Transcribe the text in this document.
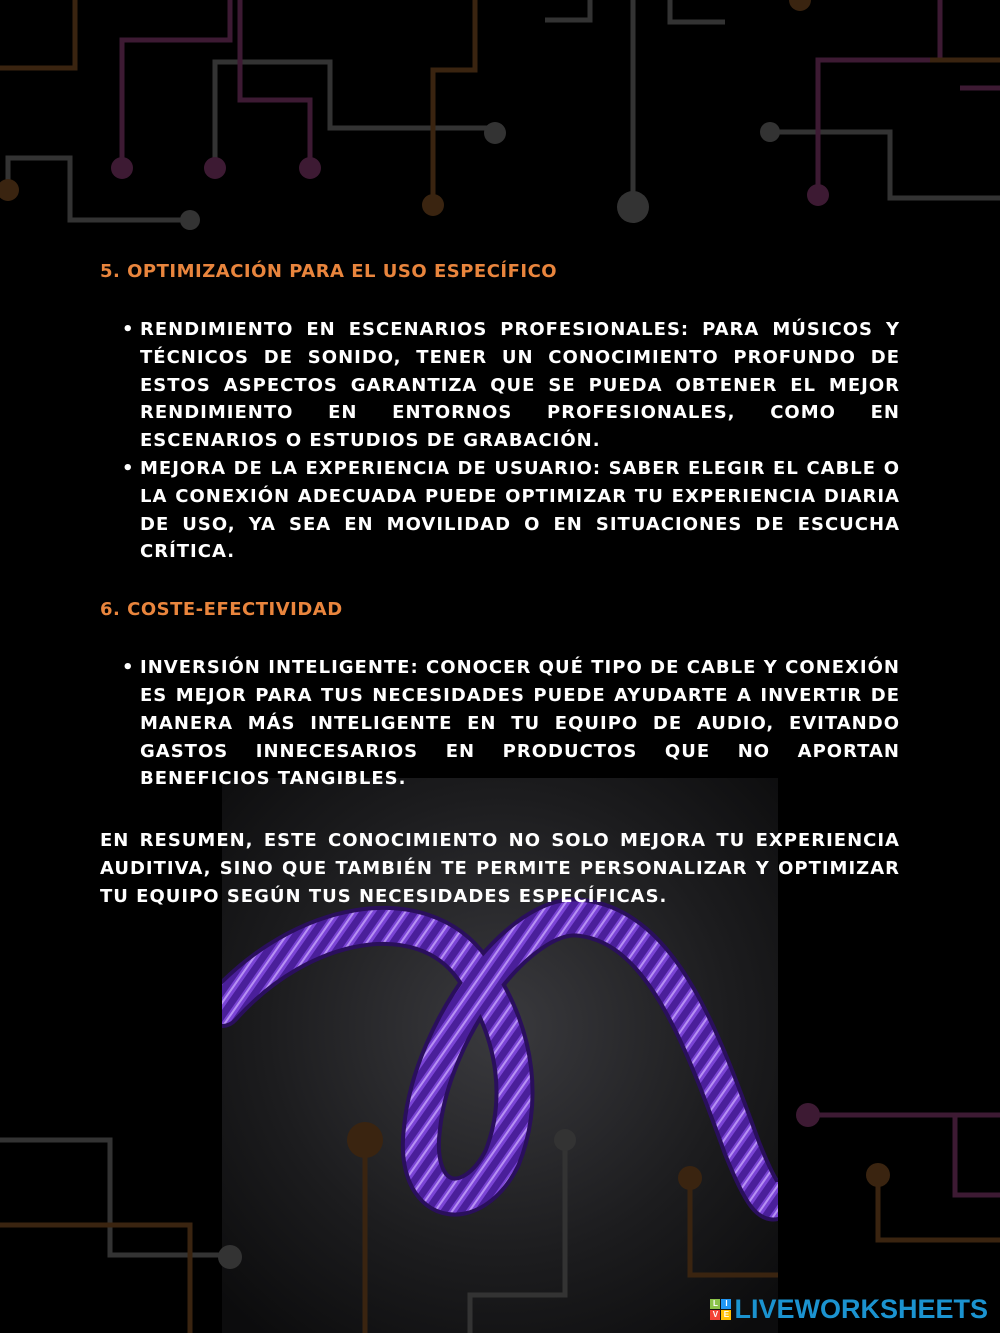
5. OPTIMIZACIÓN PARA EL USO ESPECÍFICO
• RENDIMIENTO EN ESCENARIOS PROFESIONALES: PARA MÚSICOS Y TÉCNICOS DE SONIDO, TENER UN CONOCIMIENTO PROFUNDO DE ESTOS ASPECTOS GARANTIZA QUE SE PUEDA OBTENER EL MEJOR RENDIMIENTO EN ENTORNOS PROFESIONALES, COMO EN ESCENARIOS O ESTUDIOS DE GRABACIÓN.
• MEJORA DE LA EXPERIENCIA DE USUARIO: SABER ELEGIR EL CABLE O LA CONEXIÓN ADECUADA PUEDE OPTIMIZAR TU EXPERIENCIA DIARIA DE USO, YA SEA EN MOVILIDAD O EN SITUACIONES DE ESCUCHA CRÍTICA.
6. COSTE-EFECTIVIDAD
• INVERSIÓN INTELIGENTE: CONOCER QUÉ TIPO DE CABLE Y CONEXIÓN ES MEJOR PARA TUS NECESIDADES PUEDE AYUDARTE A INVERTIR DE MANERA MÁS INTELIGENTE EN TU EQUIPO DE AUDIO, EVITANDO GASTOS INNECESARIOS EN PRODUCTOS QUE NO APORTAN BENEFICIOS TANGIBLES.

EN RESUMEN, ESTE CONOCIMIENTO NO SOLO MEJORA TU EXPERIENCIA AUDITIVA, SINO QUE TAMBIÉN TE PERMITE PERSONALIZAR Y OPTIMIZAR TU EQUIPO SEGÚN TUS NECESIDADES ESPECÍFICAS.

L I
V E LIVEWORKSHEETS
